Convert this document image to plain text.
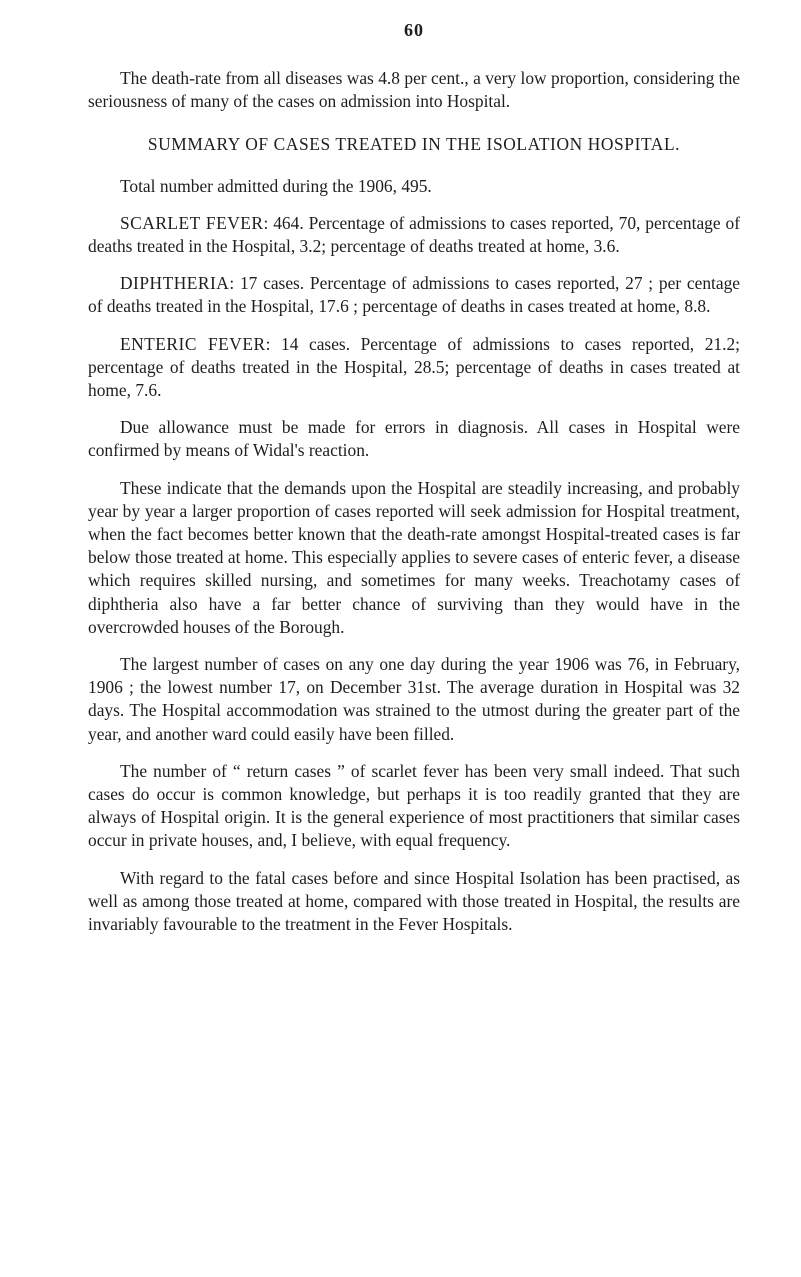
60

The death-rate from all diseases was 4.8 per cent., a very low proportion, considering the seriousness of many of the cases on admission into Hospital.

SUMMARY OF CASES TREATED IN THE ISOLATION HOSPITAL.

Total number admitted during the 1906, 495.

SCARLET FEVER: 464. Percentage of admissions to cases reported, 70, percentage of deaths treated in the Hospital, 3.2; percentage of deaths treated at home, 3.6.

DIPHTHERIA: 17 cases. Percentage of admissions to cases reported, 27 ; per centage of deaths treated in the Hospital, 17.6 ; percentage of deaths in cases treated at home, 8.8.

ENTERIC FEVER: 14 cases. Percentage of admissions to cases reported, 21.2; percentage of deaths treated in the Hospital, 28.5; percentage of deaths in cases treated at home, 7.6.

Due allowance must be made for errors in diagnosis. All cases in Hospital were confirmed by means of Widal's reaction.

These indicate that the demands upon the Hospital are steadily increasing, and probably year by year a larger proportion of cases reported will seek admission for Hospital treatment, when the fact becomes better known that the death-rate amongst Hospital-treated cases is far below those treated at home. This especially applies to severe cases of enteric fever, a disease which requires skilled nursing, and sometimes for many weeks. Treachotamy cases of diphtheria also have a far better chance of surviving than they would have in the overcrowded houses of the Borough.

The largest number of cases on any one day during the year 1906 was 76, in February, 1906 ; the lowest number 17, on December 31st. The average duration in Hospital was 32 days. The Hospital accommodation was strained to the utmost during the greater part of the year, and another ward could easily have been filled.

The number of “ return cases ” of scarlet fever has been very small indeed. That such cases do occur is common knowledge, but perhaps it is too readily granted that they are always of Hospital origin. It is the general experience of most practitioners that similar cases occur in private houses, and, I believe, with equal frequency.

With regard to the fatal cases before and since Hospital Isolation has been practised, as well as among those treated at home, compared with those treated in Hospital, the results are invariably favourable to the treatment in the Fever Hospitals.
